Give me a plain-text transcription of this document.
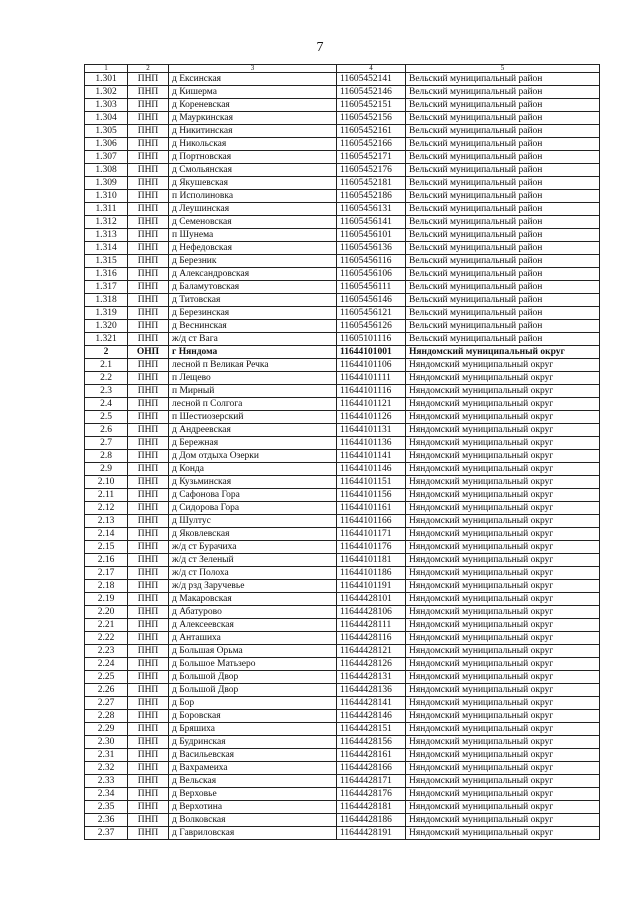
7
1	2	3	4	5
1.301	ПНП	д Ексинская	11605452141	Вельский муниципальный район
1.302	ПНП	д Кишерма	11605452146	Вельский муниципальный район
1.303	ПНП	д Кореневская	11605452151	Вельский муниципальный район
1.304	ПНП	д Мауркинская	11605452156	Вельский муниципальный район
1.305	ПНП	д Никитинская	11605452161	Вельский муниципальный район
1.306	ПНП	д Никольская	11605452166	Вельский муниципальный район
1.307	ПНП	д Портновская	11605452171	Вельский муниципальный район
1.308	ПНП	д Смольянская	11605452176	Вельский муниципальный район
1.309	ПНП	д Якушевская	11605452181	Вельский муниципальный район
1.310	ПНП	п Исполиновка	11605452186	Вельский муниципальный район
1.311	ПНП	д Леушинская	11605456131	Вельский муниципальный район
1.312	ПНП	д Семеновская	11605456141	Вельский муниципальный район
1.313	ПНП	п Шунема	11605456101	Вельский муниципальный район
1.314	ПНП	д Нефедовская	11605456136	Вельский муниципальный район
1.315	ПНП	д Березник	11605456116	Вельский муниципальный район
1.316	ПНП	д Александровская	11605456106	Вельский муниципальный район
1.317	ПНП	д Баламутовская	11605456111	Вельский муниципальный район
1.318	ПНП	д Титовская	11605456146	Вельский муниципальный район
1.319	ПНП	д Березинская	11605456121	Вельский муниципальный район
1.320	ПНП	д Веснинская	11605456126	Вельский муниципальный район
1.321	ПНП	ж/д ст Вага	11605101116	Вельский муниципальный район
2	ОНП	г Няндома	11644101001	Няндомский муниципальный округ
2.1	ПНП	лесной п Великая Речка	11644101106	Няндомский муниципальный округ
2.2	ПНП	п Лещево	11644101111	Няндомский муниципальный округ
2.3	ПНП	п Мирный	11644101116	Няндомский муниципальный округ
2.4	ПНП	лесной п Солгога	11644101121	Няндомский муниципальный округ
2.5	ПНП	п Шестиозерский	11644101126	Няндомский муниципальный округ
2.6	ПНП	д Андреевская	11644101131	Няндомский муниципальный округ
2.7	ПНП	д Бережная	11644101136	Няндомский муниципальный округ
2.8	ПНП	д Дом отдыха Озерки	11644101141	Няндомский муниципальный округ
2.9	ПНП	д Конда	11644101146	Няндомский муниципальный округ
2.10	ПНП	д Кузьминская	11644101151	Няндомский муниципальный округ
2.11	ПНП	д Сафонова Гора	11644101156	Няндомский муниципальный округ
2.12	ПНП	д Сидорова Гора	11644101161	Няндомский муниципальный округ
2.13	ПНП	д Шултус	11644101166	Няндомский муниципальный округ
2.14	ПНП	д Яковлевская	11644101171	Няндомский муниципальный округ
2.15	ПНП	ж/д ст Бурачиха	11644101176	Няндомский муниципальный округ
2.16	ПНП	ж/д ст Зеленый	11644101181	Няндомский муниципальный округ
2.17	ПНП	ж/д ст Полоха	11644101186	Няндомский муниципальный округ
2.18	ПНП	ж/д рзд Заручевье	11644101191	Няндомский муниципальный округ
2.19	ПНП	д Макаровская	11644428101	Няндомский муниципальный округ
2.20	ПНП	д Абатурово	11644428106	Няндомский муниципальный округ
2.21	ПНП	д Алексеевская	11644428111	Няндомский муниципальный округ
2.22	ПНП	д Анташиха	11644428116	Няндомский муниципальный округ
2.23	ПНП	д Большая Орьма	11644428121	Няндомский муниципальный округ
2.24	ПНП	д Большое Матьзеро	11644428126	Няндомский муниципальный округ
2.25	ПНП	д Большой Двор	11644428131	Няндомский муниципальный округ
2.26	ПНП	д Большой Двор	11644428136	Няндомский муниципальный округ
2.27	ПНП	д Бор	11644428141	Няндомский муниципальный округ
2.28	ПНП	д Боровская	11644428146	Няндомский муниципальный округ
2.29	ПНП	д Бряшиха	11644428151	Няндомский муниципальный округ
2.30	ПНП	д Будринская	11644428156	Няндомский муниципальный округ
2.31	ПНП	д Васильевская	11644428161	Няндомский муниципальный округ
2.32	ПНП	д Вахрамеиха	11644428166	Няндомский муниципальный округ
2.33	ПНП	д Вельская	11644428171	Няндомский муниципальный округ
2.34	ПНП	д Верховье	11644428176	Няндомский муниципальный округ
2.35	ПНП	д Верхотина	11644428181	Няндомский муниципальный округ
2.36	ПНП	д Волковская	11644428186	Няндомский муниципальный округ
2.37	ПНП	д Гавриловская	11644428191	Няндомский муниципальный округ
